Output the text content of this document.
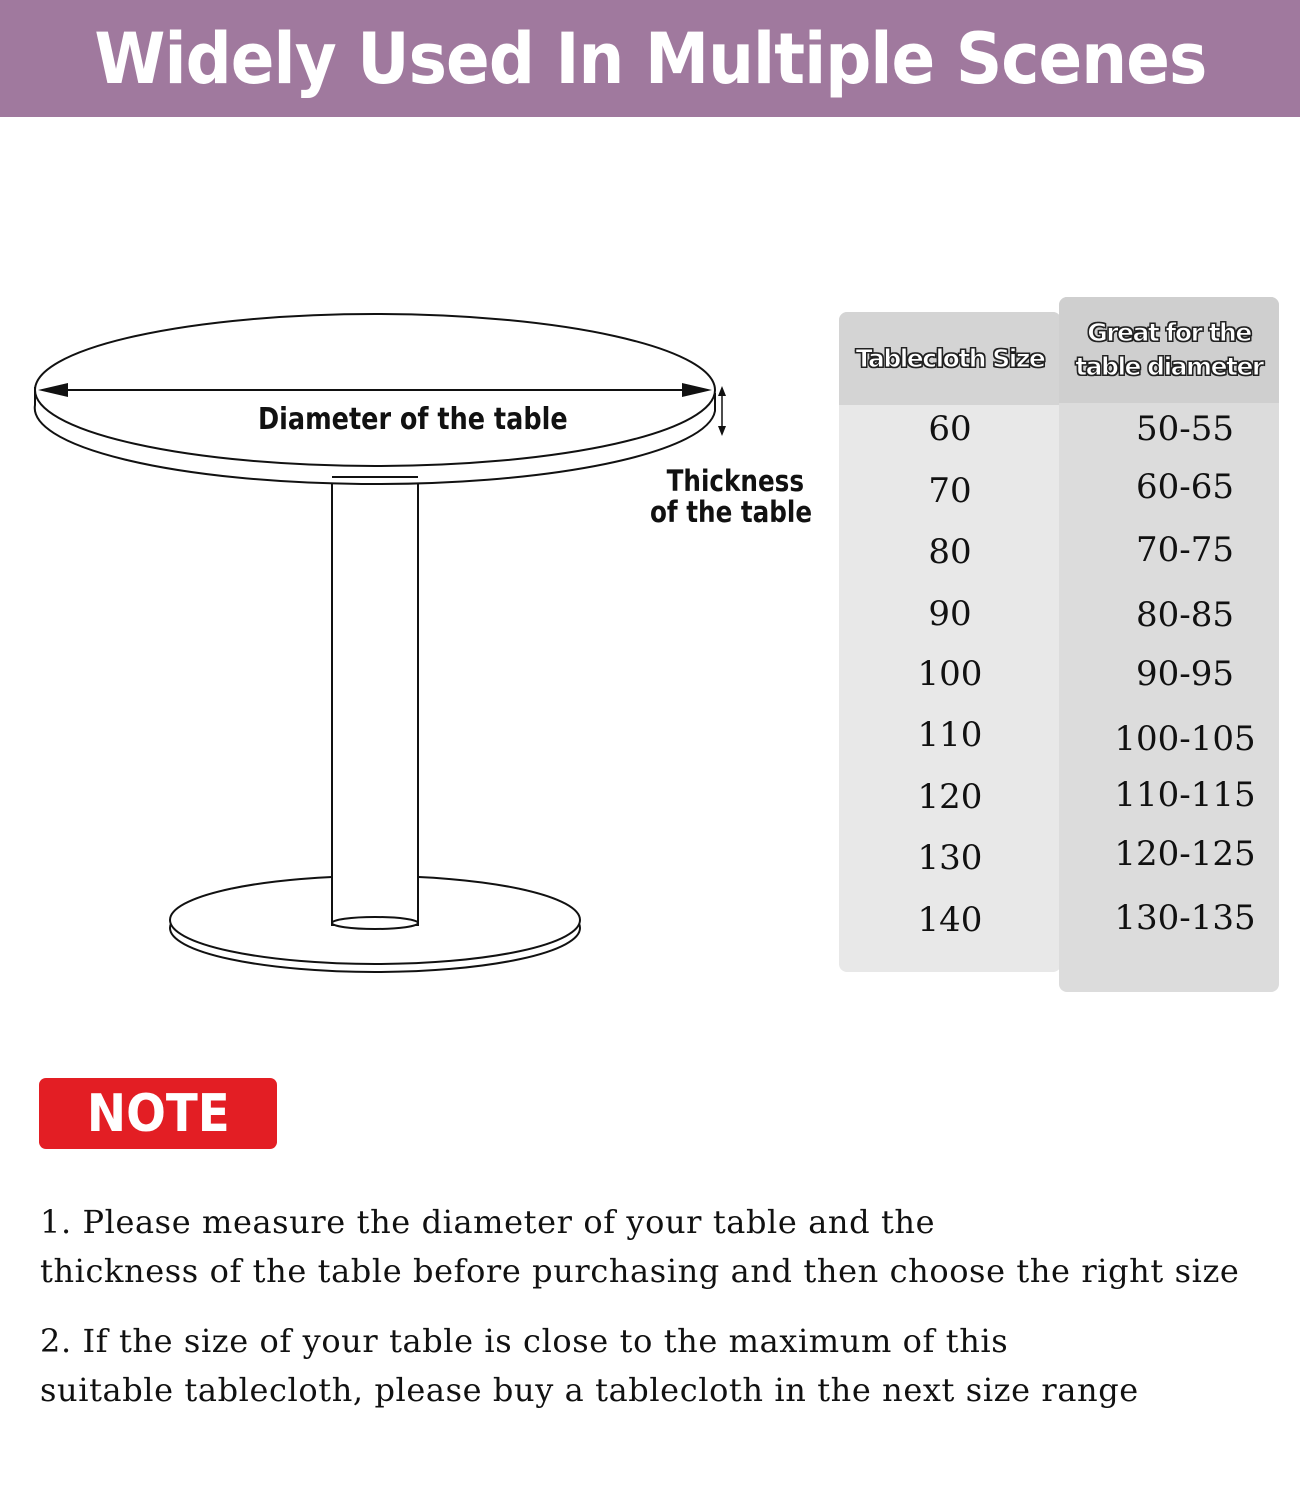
Widely Used In Multiple Scenes
Diameter of the table
Thickness
of the table
Tablecloth Size
Great for the
table diameter
60	50-55
70	60-65
80	70-75
90	80-85
100	90-95
110	100-105
120	110-115
130	120-125
140	130-135
NOTE
1. Please measure the diameter of your table and the
thickness of the table before purchasing and then choose the right size
2. If the size of your table is close to the maximum of this
suitable tablecloth, please buy a tablecloth in the next size range
